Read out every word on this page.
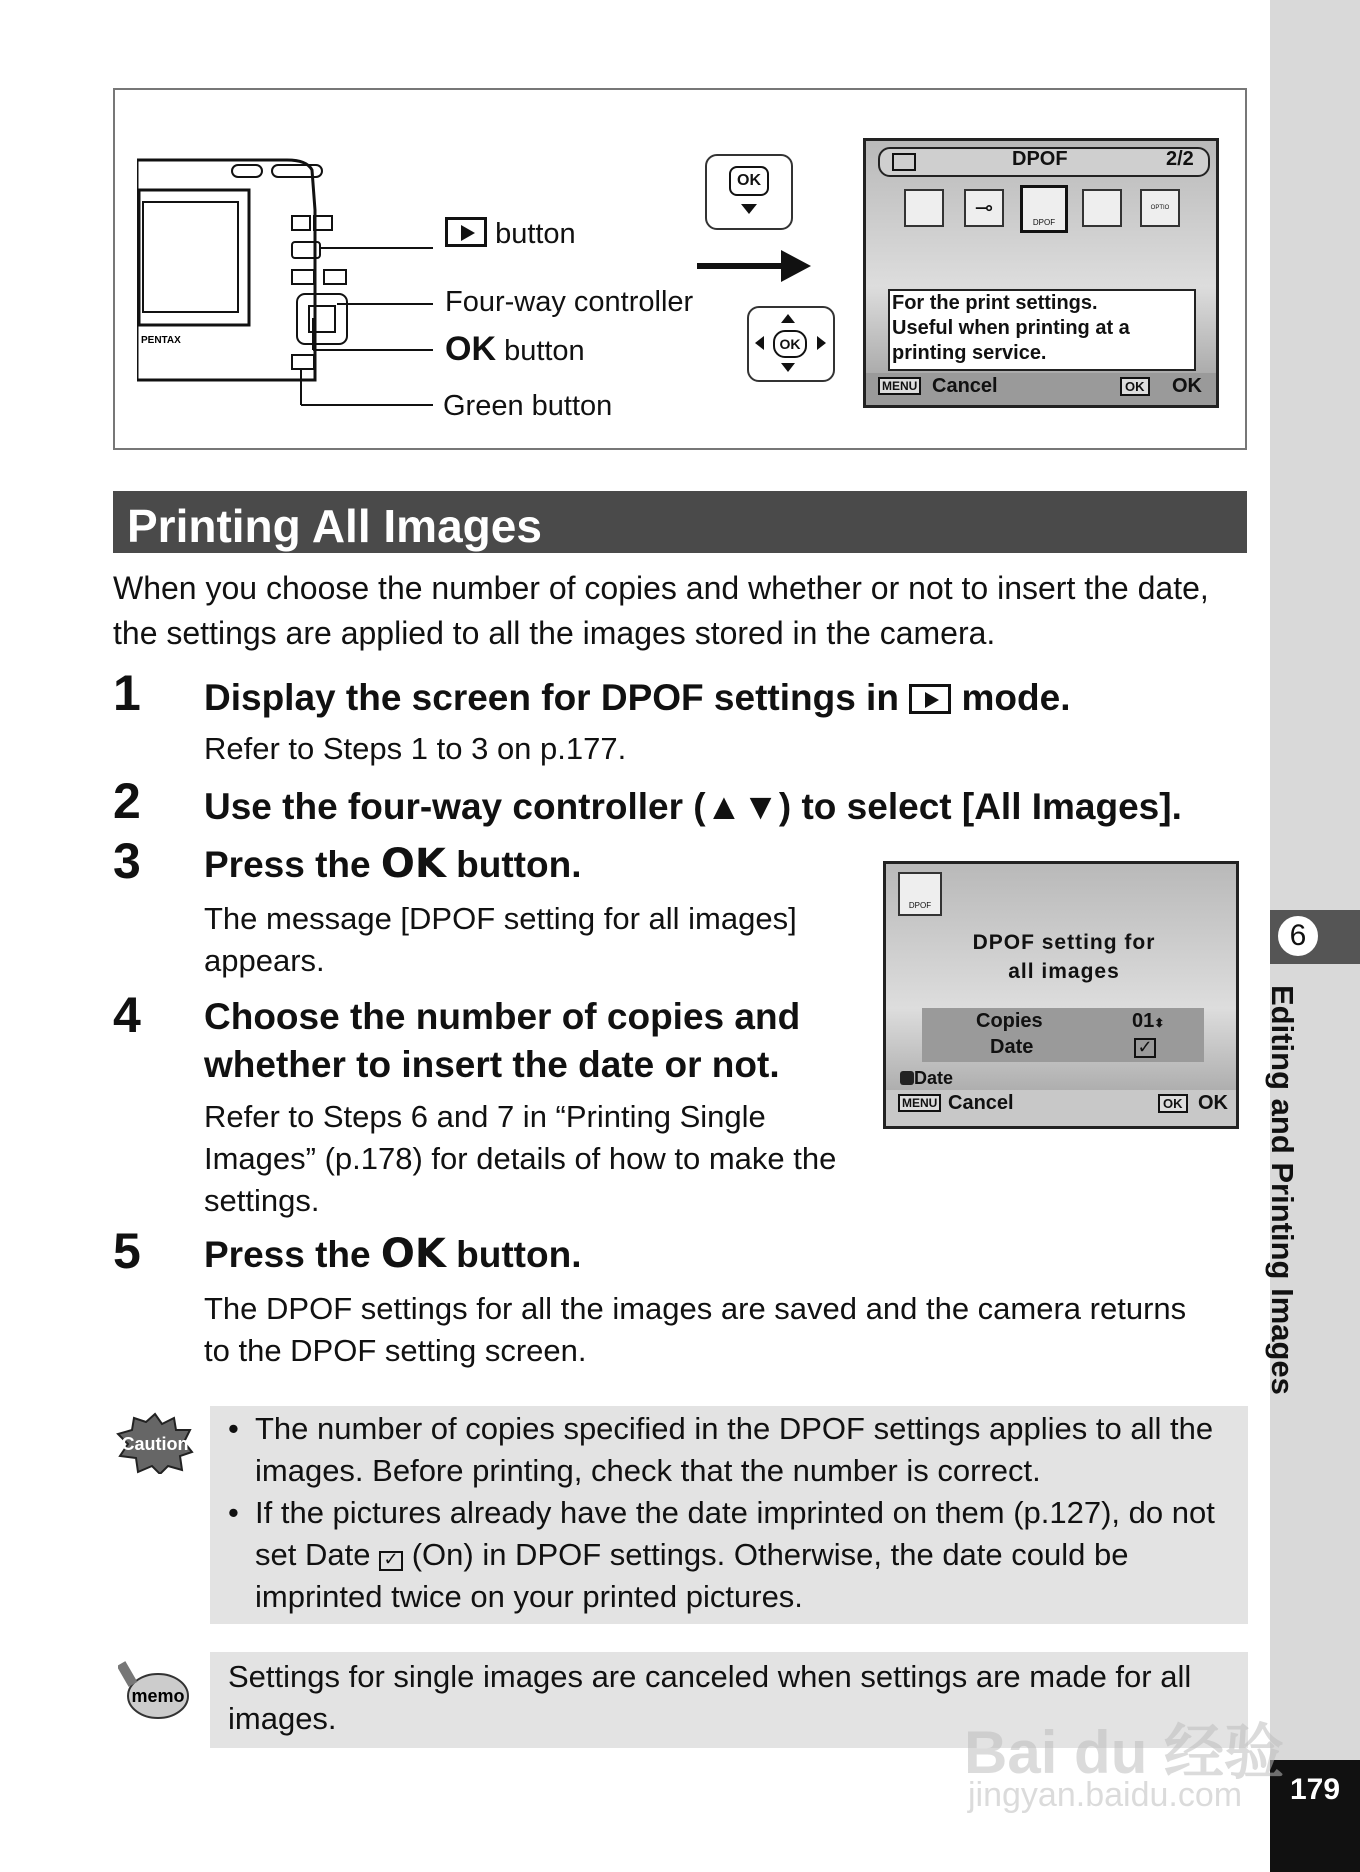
6
Editing and Printing Images
179
PENTAX
button
Four-way controller
OK button
Green button
OK
OK
DPOF	2/2
⊸
DPOF
OPTIO
For the print settings.
Useful when printing at a
printing service.
MENU Cancel	OK OK
Printing All Images
When you choose the number of copies and whether or not to insert the date, the settings are applied to all the images stored in the camera.
1 Display the screen for DPOF settings in mode.
Refer to Steps 1 to 3 on p.177.
2 Use the four-way controller (▲▼) to select [All Images].
3 Press the OK button.
The message [DPOF setting for all images] appears.
4 Choose the number of copies and
whether to insert the date or not.
Refer to Steps 6 and 7 in “Printing Single Images” (p.178) for details of how to make the settings.
DPOF
DPOF setting for
all images
Copies	01⬍
Date	✓
Date
MENU Cancel	OK OK
5 Press the OK button.
The DPOF settings for all the images are saved and the camera returns to the DPOF setting screen.
Caution

•	The number of copies specified in the DPOF settings applies to all the images. Before printing, check that the number is correct.

• If the pictures already have the date imprinted on them (p.127), do not set Date ✓ (On) in DPOF settings. Otherwise, the date could be imprinted twice on your printed pictures.

memo

Settings for single images are canceled when settings are made for all images.

Bai du 经验
jingyan.baidu.com
